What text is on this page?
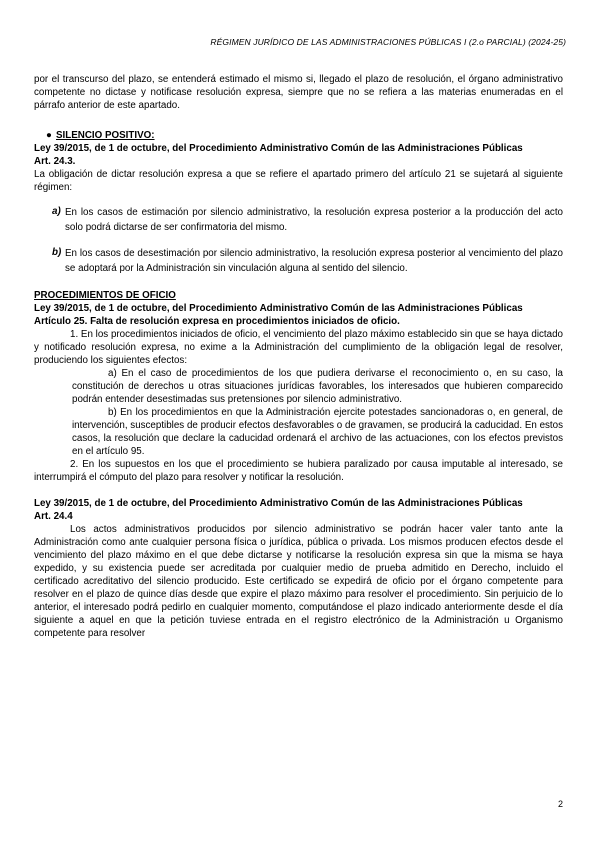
RÉGIMEN JURÍDICO DE LAS ADMINISTRACIONES PÚBLICAS I (2.o PARCIAL) (2024-25)

por el transcurso del plazo, se entenderá estimado el mismo si, llegado el plazo de resolución, el órgano administrativo competente no dictase y notificase resolución expresa, siempre que no se refiera a las materias enumeradas en el párrafo anterior de este apartado.

● SILENCIO POSITIVO:

Ley 39/2015, de 1 de octubre, del Procedimiento Administrativo Común de las Administraciones Públicas

Art. 24.3.

La obligación de dictar resolución expresa a que se refiere el apartado primero del artículo 21 se sujetará al siguiente régimen:

a) En los casos de estimación por silencio administrativo, la resolución expresa posterior a la producción del acto solo podrá dictarse de ser confirmatoria del mismo.
b) En los casos de desestimación por silencio administrativo, la resolución expresa posterior al vencimiento del plazo se adoptará por la Administración sin vinculación alguna al sentido del silencio.

PROCEDIMIENTOS DE OFICIO

Ley 39/2015, de 1 de octubre, del Procedimiento Administrativo Común de las Administraciones Públicas

Artículo 25. Falta de resolución expresa en procedimientos iniciados de oficio.

1. En los procedimientos iniciados de oficio, el vencimiento del plazo máximo establecido sin que se haya dictado y notificado resolución expresa, no exime a la Administración del cumplimiento de la obligación legal de resolver, produciendo los siguientes efectos:

a) En el caso de procedimientos de los que pudiera derivarse el reconocimiento o, en su caso, la constitución de derechos u otras situaciones jurídicas favorables, los interesados que hubieren comparecido podrán entender desestimadas sus pretensiones por silencio administrativo.

b) En los procedimientos en que la Administración ejercite potestades sancionadoras o, en general, de intervención, susceptibles de producir efectos desfavorables o de gravamen, se producirá la caducidad. En estos casos, la resolución que declare la caducidad ordenará el archivo de las actuaciones, con los efectos previstos en el artículo 95.

2. En los supuestos en los que el procedimiento se hubiera paralizado por causa imputable al interesado, se interrumpirá el cómputo del plazo para resolver y notificar la resolución.

Ley 39/2015, de 1 de octubre, del Procedimiento Administrativo Común de las Administraciones Públicas

Art. 24.4

Los actos administrativos producidos por silencio administrativo se podrán hacer valer tanto ante la Administración como ante cualquier persona física o jurídica, pública o privada. Los mismos producen efectos desde el vencimiento del plazo máximo en el que debe dictarse y notificarse la resolución expresa sin que la misma se haya expedido, y su existencia puede ser acreditada por cualquier medio de prueba admitido en Derecho, incluido el certificado acreditativo del silencio producido. Este certificado se expedirá de oficio por el órgano competente para resolver en el plazo de quince días desde que expire el plazo máximo para resolver el procedimiento. Sin perjuicio de lo anterior, el interesado podrá pedirlo en cualquier momento, computándose el plazo indicado anteriormente desde el día siguiente a aquel en que la petición tuviese entrada en el registro electrónico de la Administración u Organismo competente para resolver

2
